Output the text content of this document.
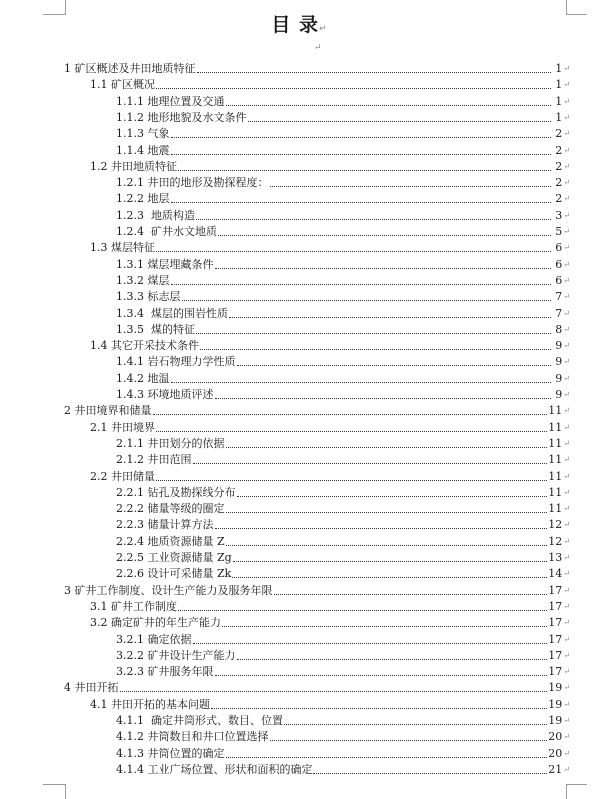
目 录↵
↵
1 矿区概述及井田地质特征	1 ↵
1.1 矿区概况	1 ↵
1.1.1 地理位置及交通	1 ↵
1.1.2 地形地貌及水文条件	1 ↵
1.1.3 气象	2 ↵
1.1.4 地震	2 ↵
1.2 井田地质特征	2 ↵
1.2.1 井田的地形及勘探程度：	2 ↵
1.2.2 地层	2 ↵
1.2.3  地质构造	3 ↵
1.2.4  矿井水文地质	5 ↵
1.3 煤层特征	6 ↵
1.3.1 煤层埋藏条件	6 ↵
1.3.2 煤层	6 ↵
1.3.3 标志层	7 ↵
1.3.4  煤层的围岩性质	7 ↵
1.3.5  煤的特征	8 ↵
1.4 其它开采技术条件	9 ↵
1.4.1 岩石物理力学性质	9 ↵
1.4.2 地温	9 ↵
1.4.3 环境地质评述	9 ↵
2 井田境界和储量	11 ↵
2.1 井田境界	11 ↵
2.1.1 井田划分的依据	11 ↵
2.1.2 井田范围	11 ↵
2.2 井田储量	11 ↵
2.2.1 钻孔及勘探线分布	11 ↵
2.2.2 储量等级的圈定	11 ↵
2.2.3 储量计算方法	12 ↵
2.2.4 地质资源储量 Z	12 ↵
2.2.5 工业资源储量 Zg	13 ↵
2.2.6 设计可采储量 Zk	14 ↵
3 矿井工作制度、设计生产能力及服务年限	17 ↵
3.1 矿井工作制度	17 ↵
3.2 确定矿井的年生产能力	17 ↵
3.2.1 确定依据	17 ↵
3.2.2 矿井设计生产能力	17 ↵
3.2.3 矿井服务年限	17 ↵
4 井田开拓	19 ↵
4.1 井田开拓的基本问题	19 ↵
4.1.1  确定井筒形式、数目、位置	19 ↵
4.1.2 井筒数目和井口位置选择	20 ↵
4.1.3 井筒位置的确定	20 ↵
4.1.4 工业广场位置、形状和面积的确定	21 ↵
